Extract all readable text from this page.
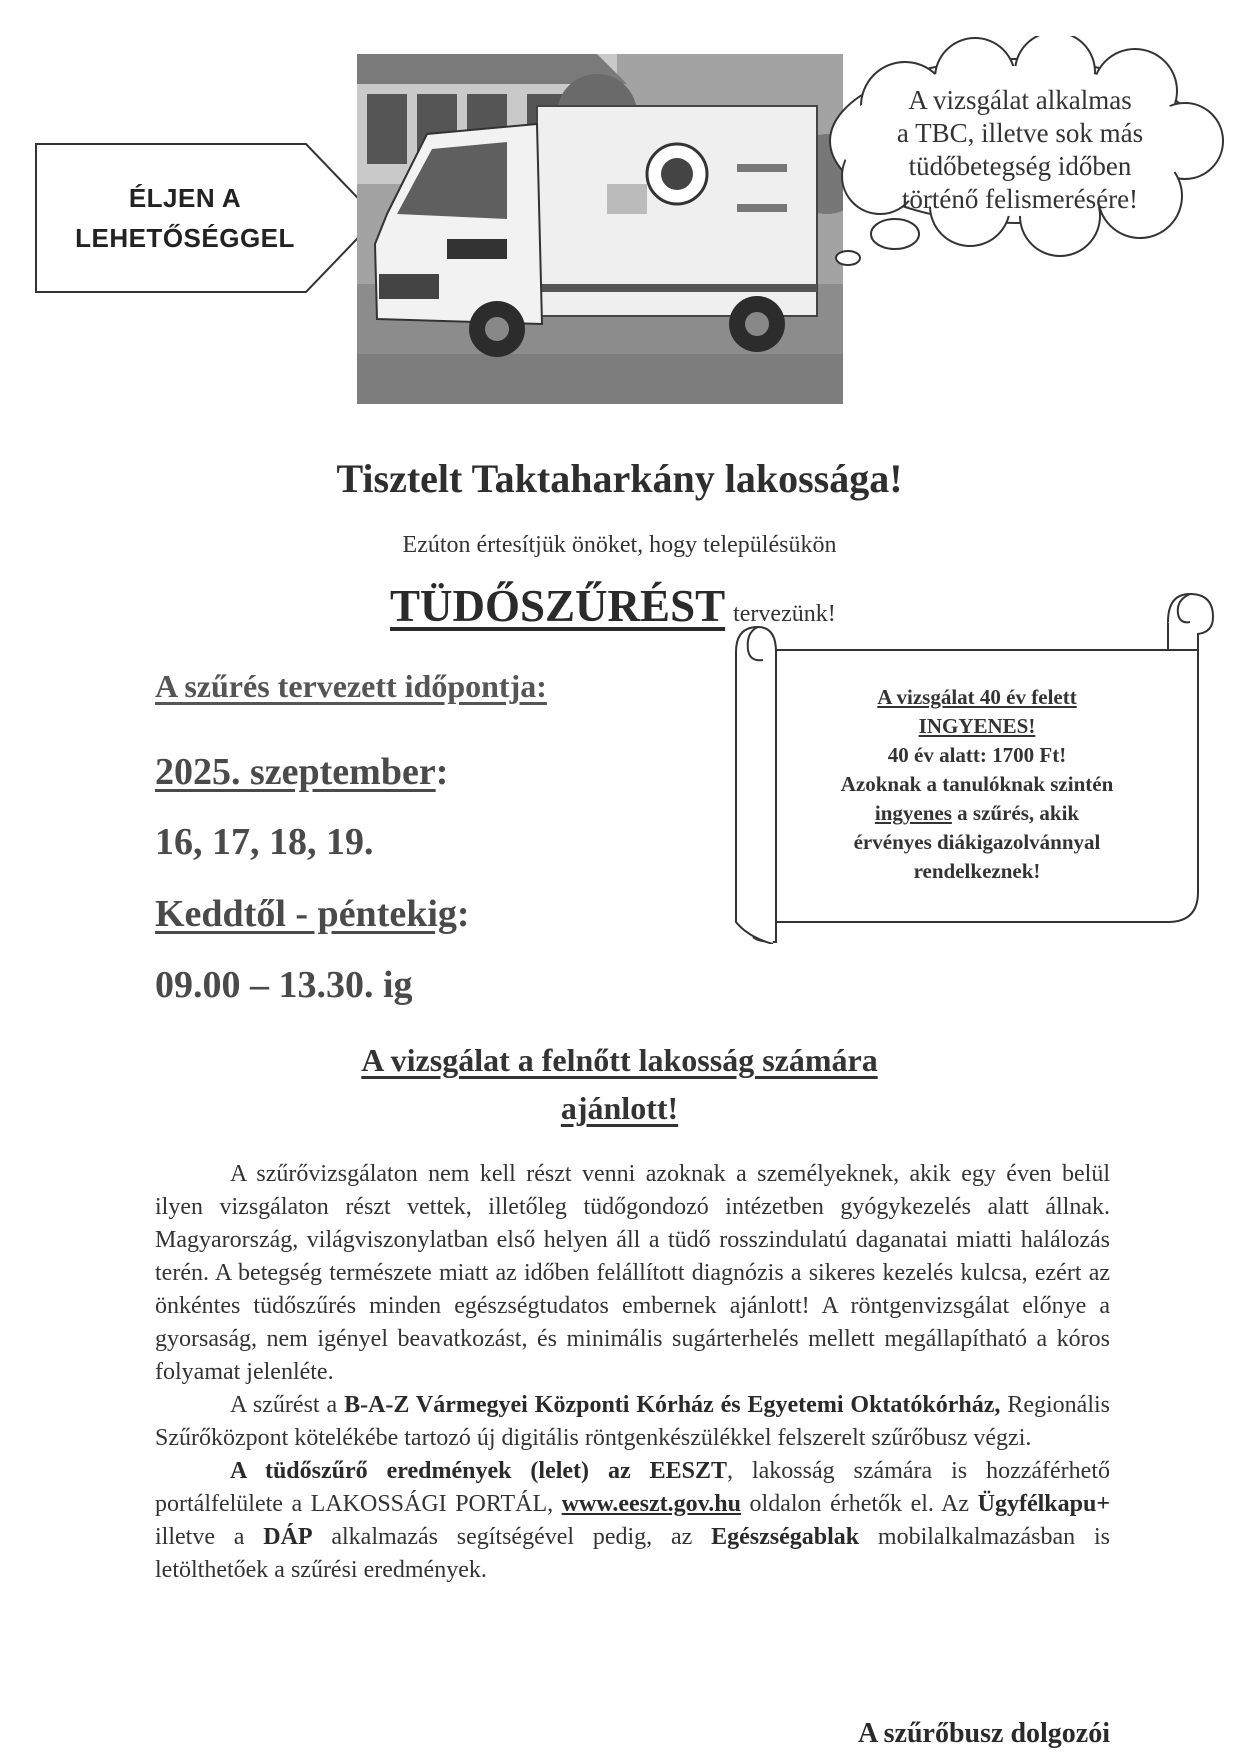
ÉLJEN A
LEHETŐSÉGGEL
A vizsgálat alkalmas
a TBC, illetve sok más
tüdőbetegség időben
történő felismerésére!
Tisztelt Taktaharkány lakossága!
Ezúton értesítjük önöket, hogy településükön
TÜDŐSZŰRÉST tervezünk!
A szűrés tervezett időpontja:
2025. szeptember:
16, 17, 18, 19.
Keddtől - péntekig:
09.00 – 13.30. ig
A vizsgálat 40 év felett
INGYENES!
40 év alatt: 1700 Ft!
Azoknak a tanulóknak szintén
ingyenes a szűrés, akik
érvényes diákigazolvánnyal
rendelkeznek!
A vizsgálat a felnőtt lakosság számára
ajánlott!

A szűrővizsgálaton nem kell részt venni azoknak a személyeknek, akik egy éven belül ilyen vizsgálaton részt vettek, illetőleg tüdőgondozó intézetben gyógykezelés alatt állnak. Magyarország, világviszonylatban első helyen áll a tüdő rosszindulatú daganatai miatti halálozás terén. A betegség természete miatt az időben felállított diagnózis a sikeres kezelés kulcsa, ezért az önkéntes tüdőszűrés minden egészségtudatos embernek ajánlott! A röntgenvizsgálat előnye a gyorsaság, nem igényel beavatkozást, és minimális sugárterhelés mellett megállapítható a kóros folyamat jelenléte.

A szűrést a B-A-Z Vármegyei Központi Kórház és Egyetemi Oktatókórház, Regionális Szűrőközpont kötelékébe tartozó új digitális röntgenkészülékkel felszerelt szűrőbusz végzi.

A tüdőszűrő eredmények (lelet) az EESZT, lakosság számára is hozzáférhető portálfelülete a LAKOSSÁGI PORTÁL, www.eeszt.gov.hu oldalon érhetők el. Az Ügyfélkapu+ illetve a DÁP alkalmazás segítségével pedig, az Egészségablak mobilalkalmazásban is letölthetőek a szűrési eredmények.

A szűrőbusz dolgozói
